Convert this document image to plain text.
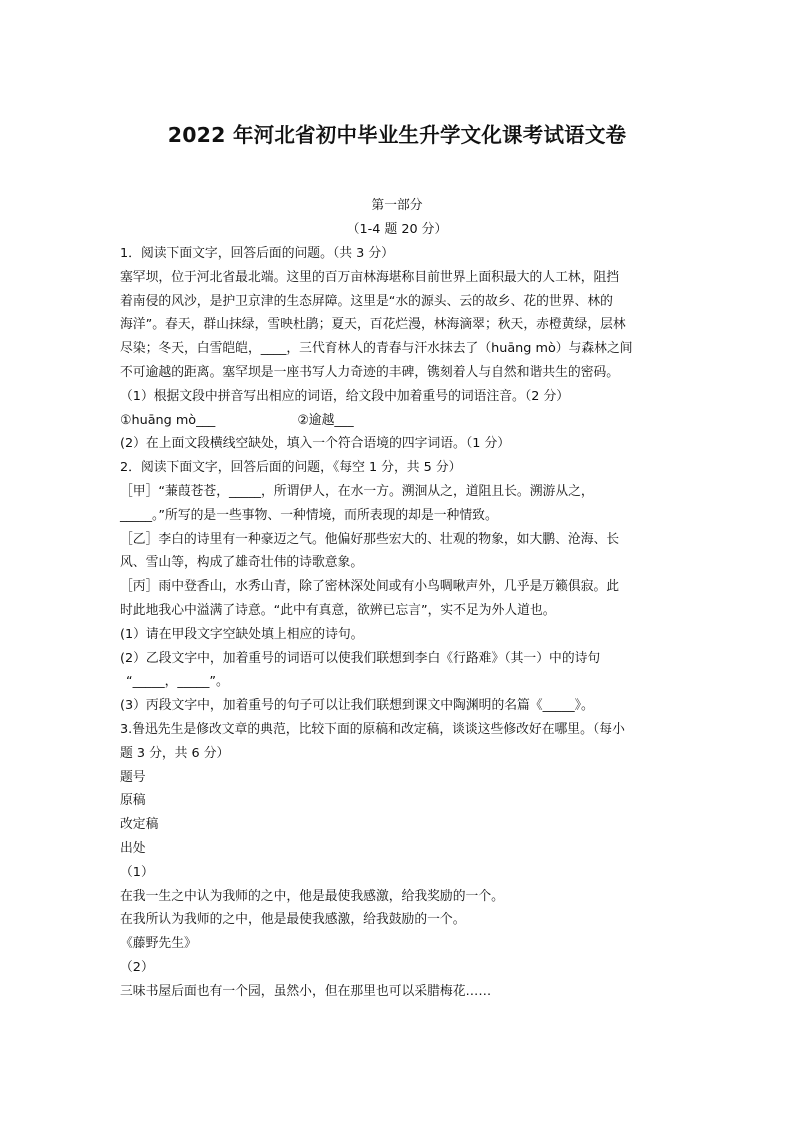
2022 年河北省初中毕业生升学文化课考试语文卷
第一部分
（1-4 题 20 分）
1．阅读下面文字，回答后面的问题。（共 3 分）
塞罕坝，位于河北省最北端。这里的百万亩林海堪称目前世界上面积最大的人工林，阻挡
着南侵的风沙，是护卫京津的生态屏障。这里是“水的源头、云的故乡、花的世界、林的
海洋”。春天，群山抹绿，雪映杜鹃；夏天，百花烂漫，林海滴翠；秋天，赤橙黄绿，层林
尽染；冬天，白雪皑皑，____，三代育林人的青春与汗水抹去了（huāng mò）与森林之间
不可逾越的距离。塞罕坝是一座书写人力奇迹的丰碑，镌刻着人与自然和谐共生的密码。
（1）根据文段中拼音写出相应的词语，给文段中加着重号的词语注音。（2 分）
①huāng mò___	②逾越___
(2）在上面文段横线空缺处，填入一个符合语境的四字词语。（1 分）
2．阅读下面文字，回答后面的问题，《每空 1 分，共 5 分）
［甲］“蒹葭苍苍，_____，所谓伊人，在水一方。溯洄从之，道阻且长。溯游从之，
_____。”所写的是一些事物、一种情境，而所表现的却是一种情致。
［乙］李白的诗里有一种豪迈之气。他偏好那些宏大的、壮观的物象，如大鹏、沧海、长
风、雪山等，构成了雄奇壮伟的诗歌意象。
［丙］雨中登香山，水秀山青，除了密林深处间或有小鸟啁啾声外，几乎是万籁俱寂。此
时此地我心中溢满了诗意。“此中有真意，欲辨已忘言”，实不足为外人道也。
(1）请在甲段文字空缺处填上相应的诗句。
(2）乙段文字中，加着重号的词语可以使我们联想到李白《行路难》（其一）中的诗句
“_____，_____”。
(3）丙段文字中，加着重号的句子可以让我们联想到课文中陶渊明的名篇《_____》。
3.鲁迅先生是修改文章的典范，比较下面的原稿和改定稿，谈谈这些修改好在哪里。（每小
题 3 分，共 6 分）
题号
原稿
改定稿
出处
（1）
在我一生之中认为我师的之中，他是最使我感激，给我奖励的一个。
在我所认为我师的之中，他是最使我感激，给我鼓励的一个。
《藤野先生》
（2）
三味书屋后面也有一个园，虽然小，但在那里也可以采腊梅花……
